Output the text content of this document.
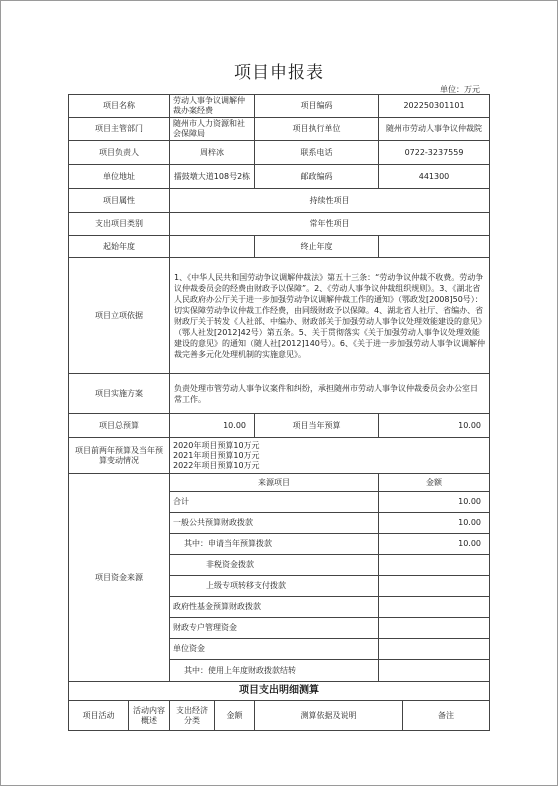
项目申报表
单位：万元
项目名称		劳动人事争议调解仲裁办案经费		项目编码	202250301101	
项目主管部门		随州市人力资源和社会保障局		项目执行单位	随州市劳动人事争议仲裁院	
项目负责人		周梓冰		联系电话	0722-3237559	
单位地址		擂鼓墩大道108号2栋		邮政编码	441300	
项目属性		持续性项目				
支出项目类别		常年性项目				
起始年度				终止年度		
项目立项依据		1、《中华人民共和国劳动争议调解仲裁法》第五十三条：“劳动争议仲裁不收费。劳动争议仲裁委员会的经费由财政予以保障”。2、《劳动人事争议仲裁组织规则》。3、《湖北省人民政府办公厅关于进一步加强劳动争议调解仲裁工作的通知》（鄂政发[2008]50号）：切实保障劳动争议仲裁工作经费，由同级财政予以保障。4、湖北省人社厅、省编办、省财政厅关于转发《人社部、中编办、财政部关于加强劳动人事争议处理效能建设的意见》（鄂人社发[2012]42号）第五条。5、关于贯彻落实《关于加强劳动人事争议处理效能建设的意见》的通知（随人社[2012]140号）。6、《关于进一步加强劳动人事争议调解仲裁完善多元化处理机制的实施意见》。				
项目实施方案		负责处理市管劳动人事争议案件和纠纷，承担随州市劳动人事争议仲裁委员会办公室日常工作。				
项目总预算		10.00		项目当年预算	10.00	
项目前两年预算及当年预算变动情况		2020年项目预算10万元
2021年项目预算10万元
2022年项目预算10万元				

项目资金来源		来源项目			金额	
		合计			10.00	
		一般公共预算财政拨款			10.00	
		其中：申请当年预算拨款			10.00	
		非税资金拨款				
		上级专项转移支付拨款				
		政府性基金预算财政拨款				
		财政专户管理资金				
		单位资金				
		其中：使用上年度财政拨款结转				
项目支出明细测算						
项目活动	活动内容概述	支出经济分类	金额	测算依据及说明		备注
